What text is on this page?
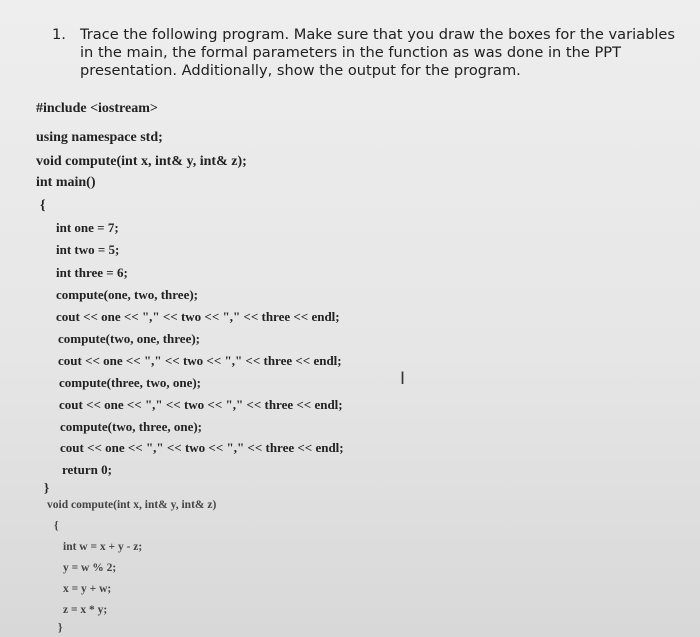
1. Trace the following program. Make sure that you draw the boxes for the variables in the main, the formal parameters in the function as was done in the PPT presentation. Additionally, show the output for the program.
#include <iostream>
using namespace std;
void compute(int x, int& y, int& z);
int main()
{
int one = 7;
int two = 5;
int three = 6;
compute(one, two, three);
cout << one << "," << two << "," << three << endl;
compute(two, one, three);
cout << one << "," << two << "," << three << endl;
compute(three, two, one);
cout << one << "," << two << "," << three << endl;
compute(two, three, one);
cout << one << "," << two << "," << three << endl;
return 0;
}
void compute(int x, int& y, int& z)
{
int w = x + y - z;
y = w % 2;
x = y + w;
z = x * y;
}
I
